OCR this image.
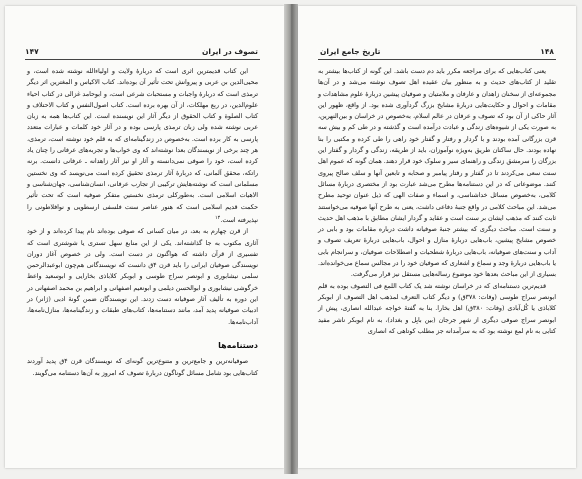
۱۴۷	تصوف در ایران

این کتاب قدیمترین اثری است که دربارهٔ ولایت و اولیاءالله نوشته شده است، و محیی‌الدین بن عربی و پیروانش تحت تأثیر آن بوده‌اند. کتاب الاکیاس و المغترین اثر دیگر ترمذی است که دربارهٔ واجبات و مستحبات شرعی است، و ابوحامد غزالی در کتاب احیاء علوم‌الدین، در ربع مهلکات، از آن بهره برده است. کتاب اصول‌النفس و کتاب الاحتلاف و کتاب الصلوة و کتاب الحقوق از دیگر آثار این نویسنده است. این کتاب‌ها همه به زبان عربی نوشته شده ولی زبان ترمذی پارسی بوده و در آثار خود کلمات و عبارات متعدد پارسی به کار برده است. به‌خصوص در زندگینامه‌ای که به قلم خود نوشته است، ترمذی، هر چند برخی از نویسندگان بعدا نوشته‌اند که وی خواب‌ها و تجربه‌های عرفانی را چنان یاد کرده است، خود را صوفی نمی‌دانسته و آثار او نیز آثار زاهدانه ـ عرفانی دانست. برنه راتکه، محقق آلمانی، که دربارهٔ آثار ترمذی تحقیق کرده است می‌نویسد که وی نخستین مسلمانی است که نوشته‌هایش ترکیبی از تجارب عرفانی، انسان‌شناسی، جهان‌شناسی و الاهیات اسلامی است. به‌طورکلی ترمذی نخستین متفکر صوفیه است که تحت تأثیر حکمت قدیم اسلامی است که هنور عناصر سنت فلسفی ارسطویی و نوافلاطونی را نپذیرفته است.$^{۱۴}$

از قرن چهارم به بعد، در میان کسانی که صوفی بوده‌اند نام پیدا کرده‌اند و از خود آثاری مکتوب به جا گذاشته‌اند. یکی از این منابع سهل تستری یا شوشتری است که تفسیری از قرآن داشته که هواگنون در دست است. ولی در خصوص آغاز دوران نویسندگی صوفیان ایرانی را باید قرن ۴ق دانست که نویسندگانی هم‌چون ابوعبدالرحمن سلمی نیشابوری و ابونصر سراج طوسی و ابوبکر کلاباذی بخارایی و ابوسعید واعظ خرگوشی نیشابوری و ابوالحسن دیلمی و ابونعیم اصفهانی و ابراهیم بن محمد اصفهانی در این دوره به تألیف آثار صوفیانه دست زدند. این نویسندگان ضمن گونهٔ ادبی (ژانر) در ادبیات صوفیانه پدید آمد، مانند دستنامه‌ها، کتاب‌های طبقات و زندگینامه‌ها، منازل‌نامه‌ها، آداب‌نامه‌ها.

دستنامه‌ها

صوفیانه‌ترین و جامع‌ترین و متنوع‌ترین گونه‌ای که نویسندگان قرن ۴ق پدید آوردند کتاب‌هایی بود شامل مسائل گوناگون دربارهٔ تصوف که امروز به آن‌ها دستنامه می‌گویند.

۱۴۸
تاریخ جامع ایران

یعنی کتاب‌هایی که برای مراجعه مکرر باید دم دست باشد. این گونه از کتاب‌ها بیشتر به تقلید از کتاب‌های حدیث و به منظور بیان عقیده اهل تصوف نوشته می‌شد و در آن‌ها مجموعه‌ای از سخنان زاهدان و عارفان و ملامتیان و صوفیان پیشین دربارهٔ علوم مشاهدات و مقامات و احوال و حکایت‌هایی دربارهٔ مشایخ بزرگ گردآوری شده بود. از واقع، ظهور این آثار حاکی از آن بود که تصوف و عرفان در عالم اسلام، به‌خصوص در خراسان و بین‌النهرین، به صورت یکی از شیوه‌های زندگی و عبادت درآمده است و گذشته و در طی کم و بیش سه قرن بزرگانی آمده بودند و با گردار و رفتار و گفتار خود راهی را طی کرده و مکتبی را بنا نهاده بودند. حال ساکنان طریق به‌ویژه نو‌آموزان، باید از طریقه، زندگی و گردار و گفتار این بزرگان را سرمشق زندگی و راهنمای سیر و سلوک خود قرار دهند. همان گونه که عموم اهل سنت سعی می‌کردند تا در گفتار و رفتار پیامبر و صحابه و تابعین آنها و سلف صالح پیروی کنند. موضوعاتی که در این دستنامه‌ها مطرح می‌شد عبارت بود از مختصری دربارهٔ مسائل کلامی، به‌خصوص مسائل خداشناسی، و اسماء و صفات الهی که ذیل عنوان توحید مطرح می‌شد. این مباحث کلامی در واقع جنبهٔ دفاعی داشت، یعنی به طرح آنها صوفیه می‌خواستند ثابت کنند که مذهب ایشان بر سنت است و عقاید و گردار ایشان مطابق با مذهب اهل حدیث و سنت است. مباحث دیگری که بیشتر جنبهٔ صوفیانه داشت درباره مقامات بود و بابی در خصوص مشایخ پیشین، باب‌هایی دربارهٔ منازل و احوال، باب‌هایی دربارهٔ تعریف تصوف و آداب و سنت‌های صوفیانه، باب‌هایی دربارهٔ شطحیات و اصطلاحات صوفیان، و سرانجام بابی یا باب‌هایی دربارهٔ وجد و سماع و اشعاری که صوفیان خود را در مجالس سماع می‌خوانده‌اند. بسیاری از این مباحث بعدها خود موضوع رساله‌هایی مستقل نیز قرار می‌گرفت.

قدیم‌ترین دستنامه‌ای که در خراسان نوشته شد یک کتاب اللمع فی التصوف بوده به قلم ابونصر سراج طوسی (وفات: ۳۷۸ق) و دیگر کتاب التعرف لمذهب اهل التصوف از ابوبکر کلاباذی یا کُل‌آبادی (وفات: ۳۸۰ق) اهل بخارا. بنا به گفتهٔ خواجه عبدالله انصاری، پیش از ابونصر سراج صوفی دیگری از شهر جرجان (بین بابِل و بغداد)، به نام ابوبکر ناشر مفید کتابی به نام لمع نوشته بود که به سرآمدانه جز مطلب کوتاهی که انصاری
